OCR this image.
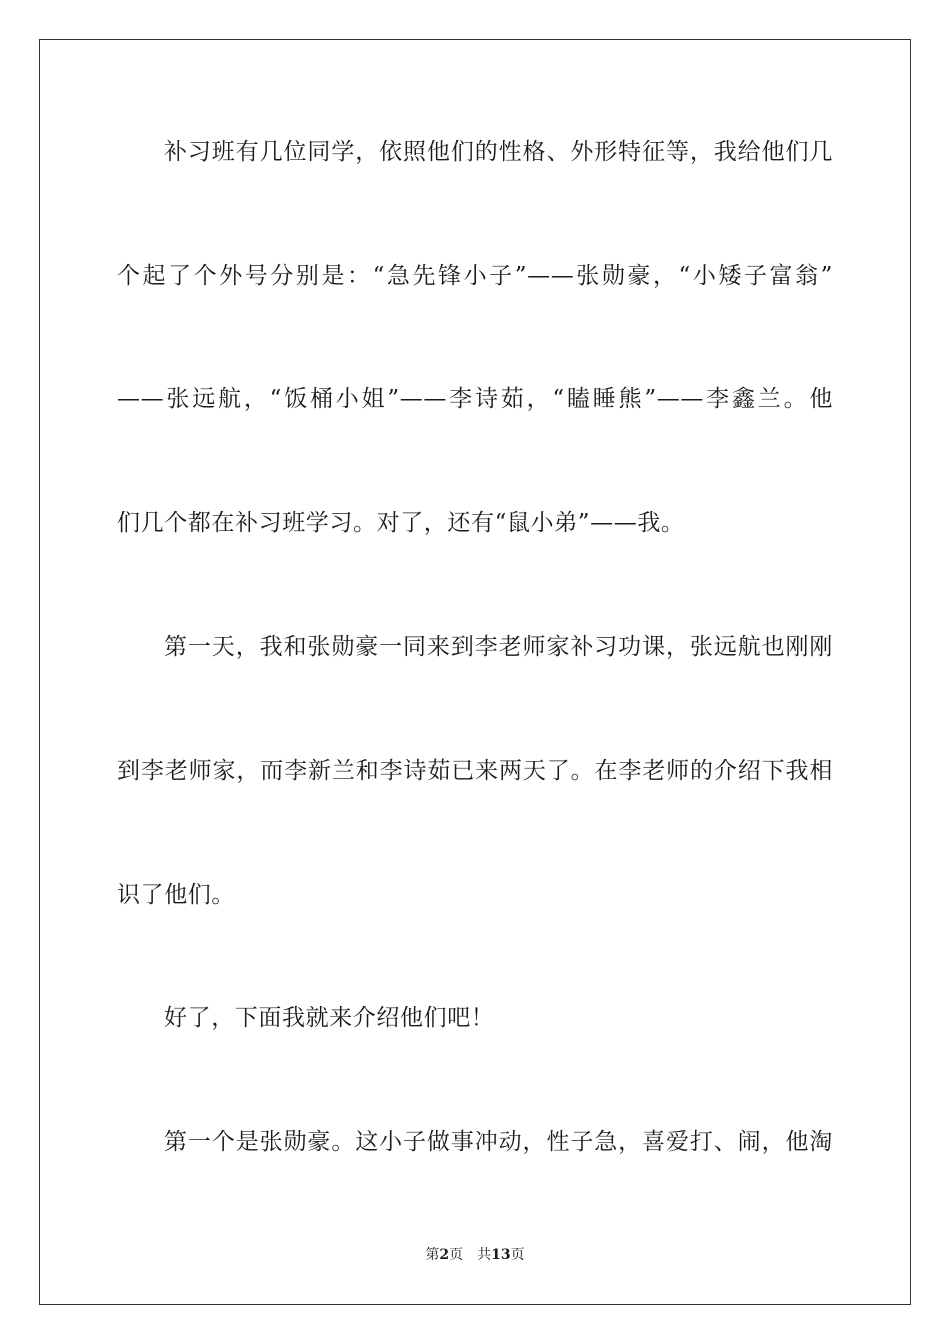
补习班有几位同学，依照他们的性格、外形特征等，我给他们几
个起了个外号分别是：“急先锋小子”——张勋豪，“小矮子富翁”
——张远航，“饭桶小姐”——李诗茹，“瞌睡熊”——李鑫兰。他
们几个都在补习班学习。对了，还有“鼠小弟”——我。
第一天，我和张勋豪一同来到李老师家补习功课，张远航也刚刚
到李老师家，而李新兰和李诗茹已来两天了。在李老师的介绍下我相
识了他们。
好了，下面我就来介绍他们吧！
第一个是张勋豪。这小子做事冲动，性子急，喜爱打、闹，他淘
第2页 共13页
